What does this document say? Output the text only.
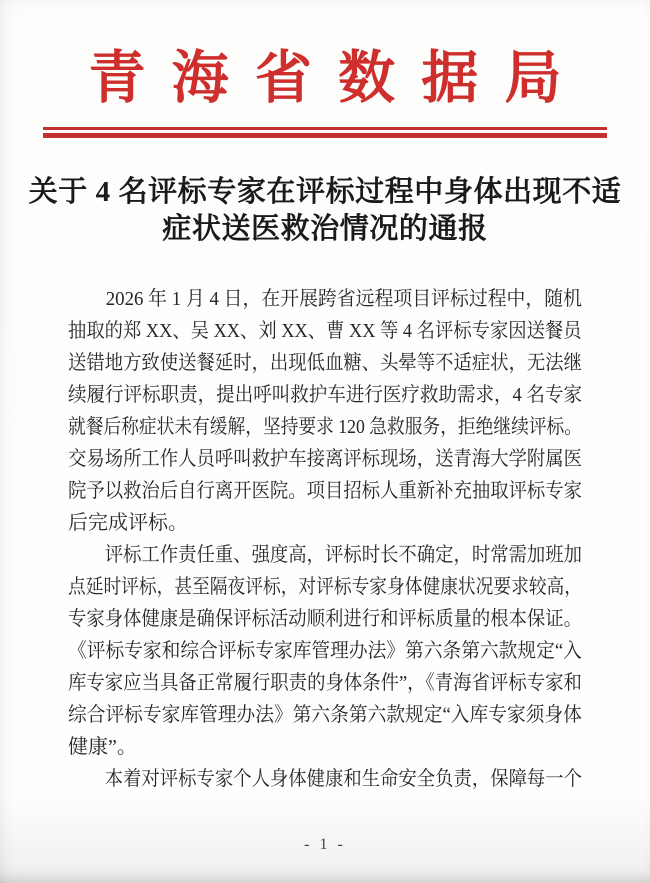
青海省数据局
关于 4 名评标专家在评标过程中身体出现不适
症状送医救治情况的通报
2026 年 1 月 4 日，在开展跨省远程项目评标过程中，随机
抽取的郑 XX、吴 XX、刘 XX、曹 XX 等 4 名评标专家因送餐员
送错地方致使送餐延时，出现低血糖、头晕等不适症状，无法继
续履行评标职责，提出呼叫救护车进行医疗救助需求，4 名专家
就餐后称症状未有缓解，坚持要求 120 急救服务，拒绝继续评标。
交易场所工作人员呼叫救护车接离评标现场，送青海大学附属医
院予以救治后自行离开医院。项目招标人重新补充抽取评标专家
后完成评标。
评标工作责任重、强度高，评标时长不确定，时常需加班加
点延时评标，甚至隔夜评标，对评标专家身体健康状况要求较高，
专家身体健康是确保评标活动顺利进行和评标质量的根本保证。
《评标专家和综合评标专家库管理办法》第六条第六款规定“入
库专家应当具备正常履行职责的身体条件”，《青海省评标专家和
综合评标专家库管理办法》第六条第六款规定“入库专家须身体
健康”。
本着对评标专家个人身体健康和生命安全负责，保障每一个
- 1 -
